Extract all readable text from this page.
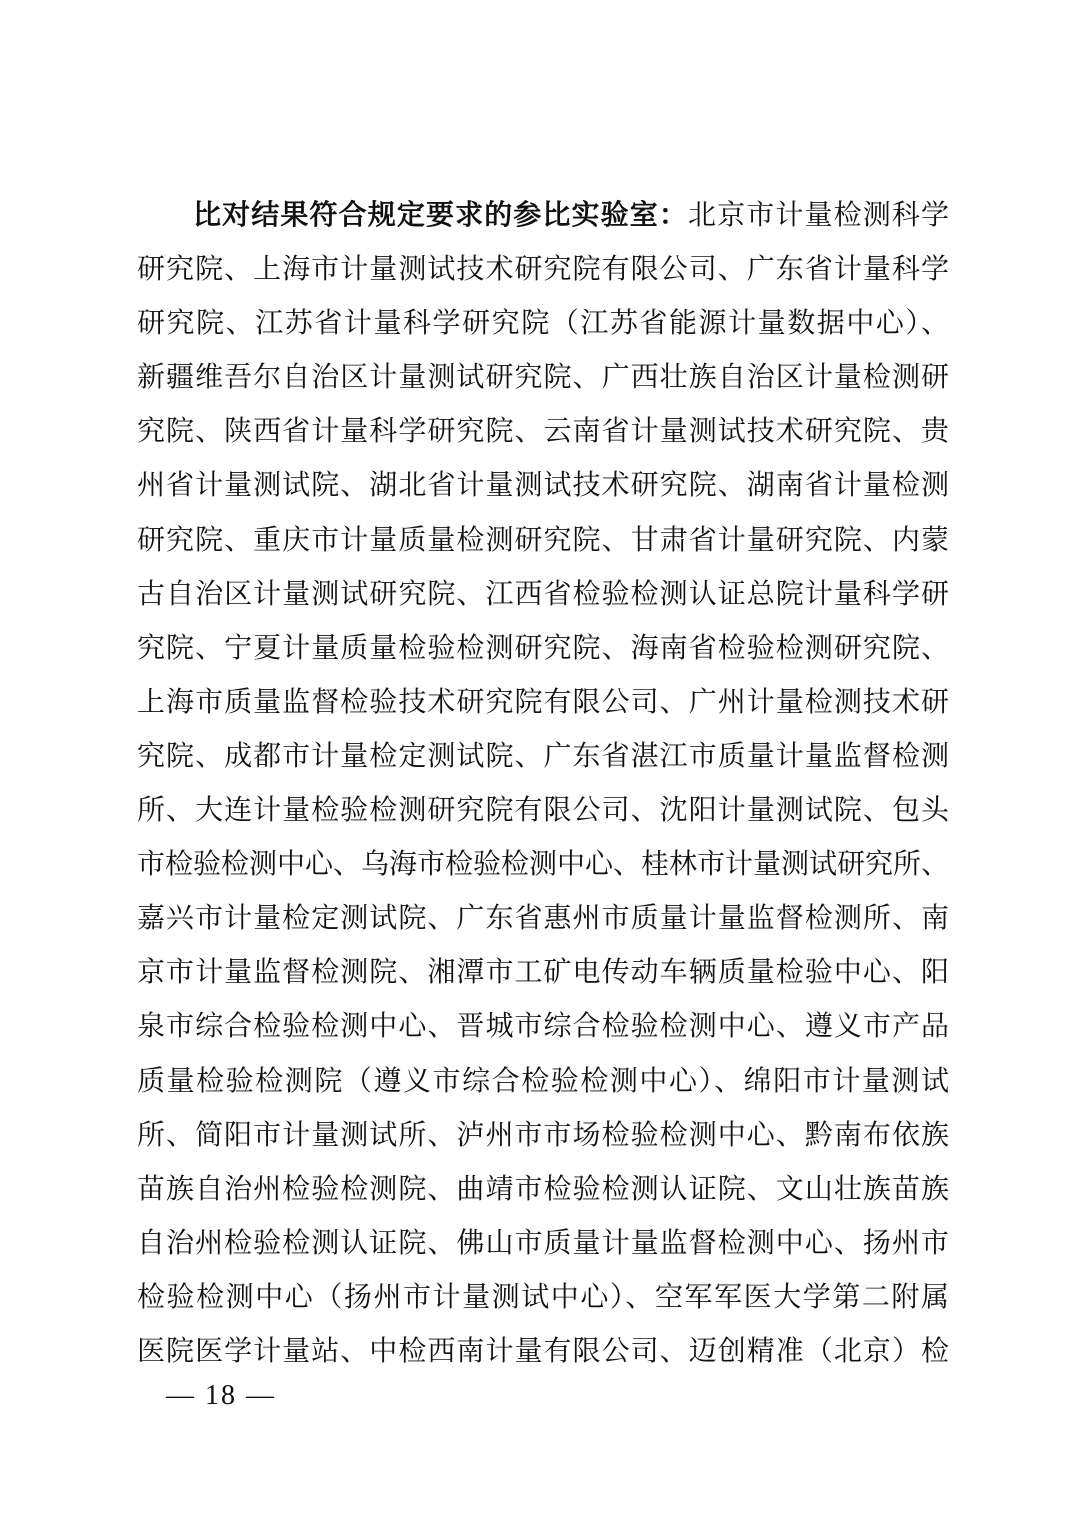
比对结果符合规定要求的参比实验室：北京市计量检测科学
研究院、上海市计量测试技术研究院有限公司、广东省计量科学
研究院、江苏省计量科学研究院（江苏省能源计量数据中心）、
新疆维吾尔自治区计量测试研究院、广西壮族自治区计量检测研
究院、陕西省计量科学研究院、云南省计量测试技术研究院、贵
州省计量测试院、湖北省计量测试技术研究院、湖南省计量检测
研究院、重庆市计量质量检测研究院、甘肃省计量研究院、内蒙
古自治区计量测试研究院、江西省检验检测认证总院计量科学研
究院、宁夏计量质量检验检测研究院、海南省检验检测研究院、
上海市质量监督检验技术研究院有限公司、广州计量检测技术研
究院、成都市计量检定测试院、广东省湛江市质量计量监督检测
所、大连计量检验检测研究院有限公司、沈阳计量测试院、包头
市检验检测中心、乌海市检验检测中心、桂林市计量测试研究所、
嘉兴市计量检定测试院、广东省惠州市质量计量监督检测所、南
京市计量监督检测院、湘潭市工矿电传动车辆质量检验中心、阳
泉市综合检验检测中心、晋城市综合检验检测中心、遵义市产品
质量检验检测院（遵义市综合检验检测中心）、绵阳市计量测试
所、简阳市计量测试所、泸州市市场检验检测中心、黔南布依族
苗族自治州检验检测院、曲靖市检验检测认证院、文山壮族苗族
自治州检验检测认证院、佛山市质量计量监督检测中心、扬州市
检验检测中心（扬州市计量测试中心）、空军军医大学第二附属
医院医学计量站、中检西南计量有限公司、迈创精准（北京）检
— 18 —
